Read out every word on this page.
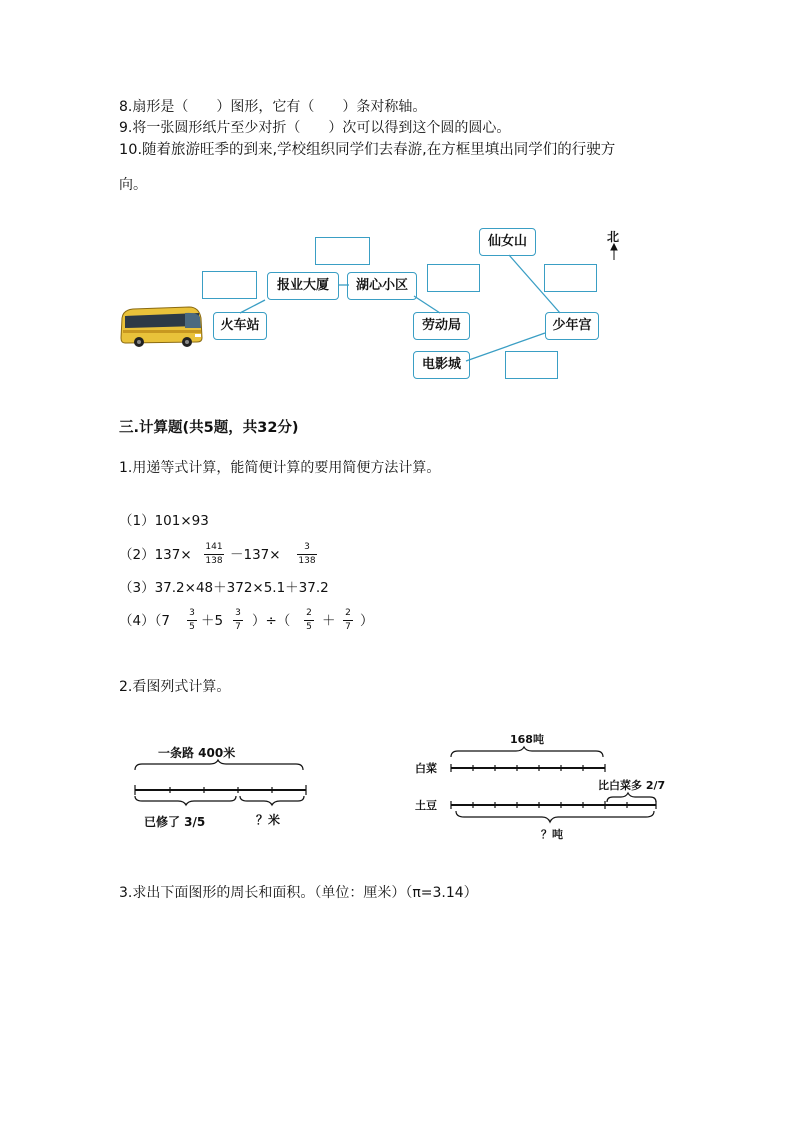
8.扇形是（　　）图形，它有（　　）条对称轴。
9.将一张圆形纸片至少对折（　　）次可以得到这个圆的圆心。
10.随着旅游旺季的到来,学校组织同学们去春游,在方框里填出同学们的行驶方
向。
仙女山
报业大厦	湖心小区
火车站	劳动局	少年宫
电影城
北
三.计算题(共5题，共32分)
1.用递等式计算，能简便计算的要用简便方法计算。
（1）101×93
（2）137× 141
138 －137×	3
138
（3）37.2×48＋372×5.1＋37.2
（4）（7 3
5 ＋5 3
7 ）÷（ 2
5 ＋ 2
7 ）
2.看图列式计算。
一条路 400米
已修了 3/5	？米
168吨
白菜
土豆
比白菜多 2/7
？吨
3.求出下面图形的周长和面积。（单位：厘米）（π=3.14）
